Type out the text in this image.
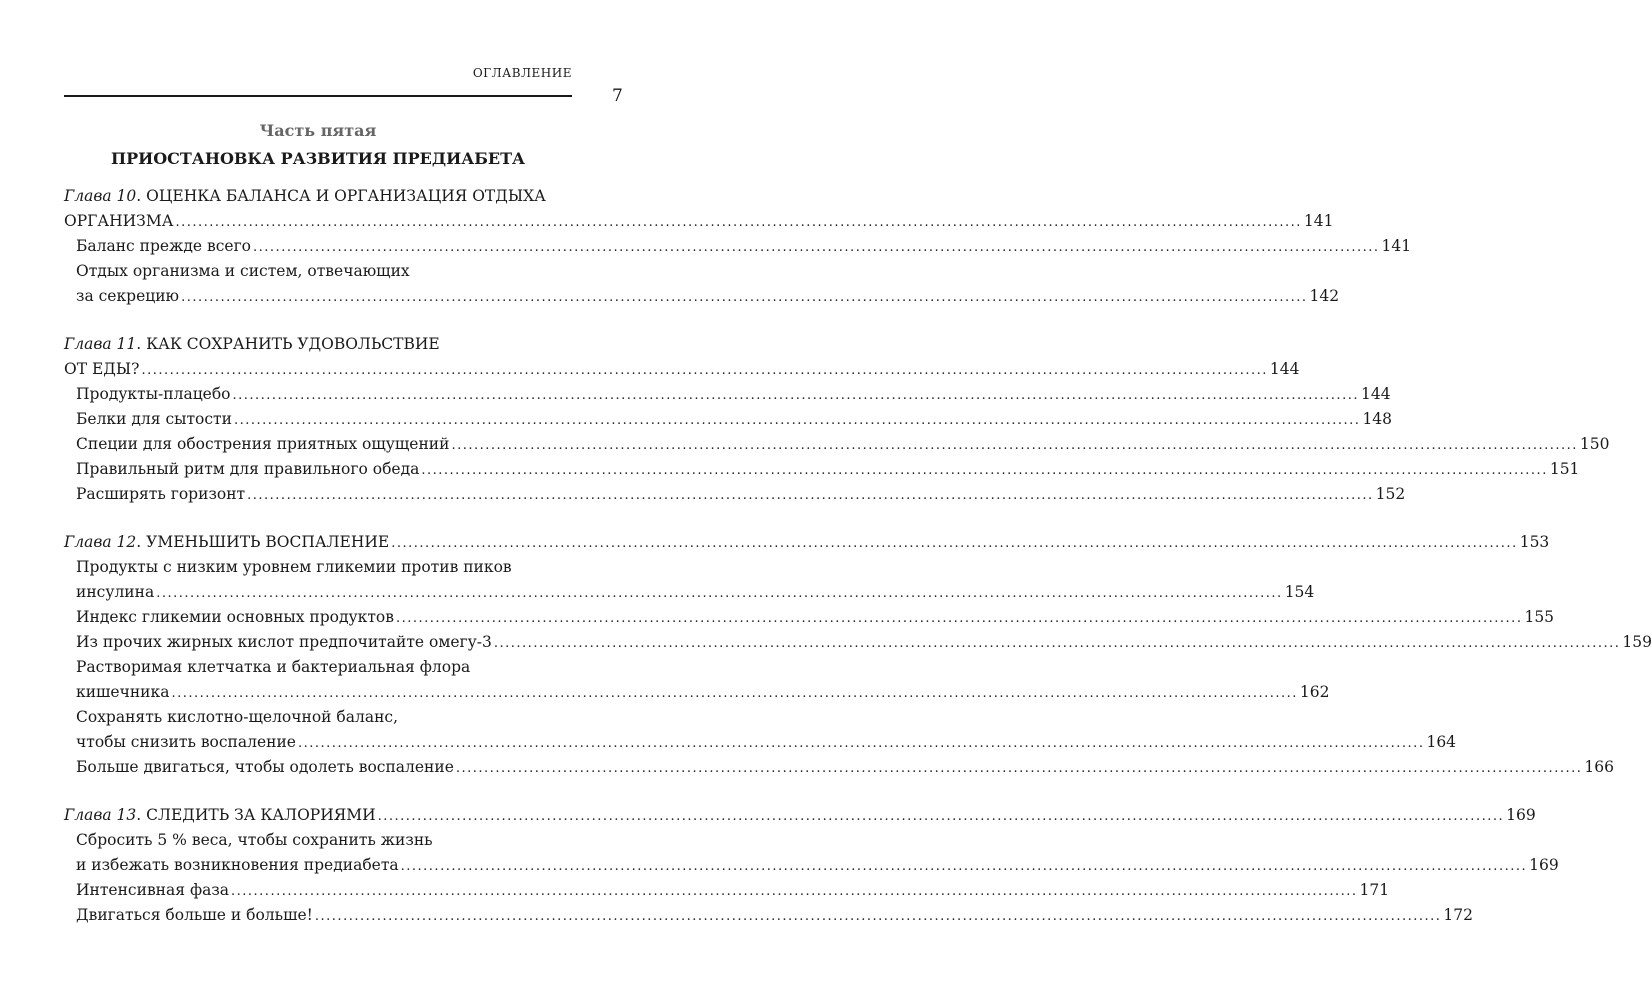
ОГЛАВЛЕНИЕ
7
Часть пятая
ПРИОСТАНОВКА РАЗВИТИЯ ПРЕДИАБЕТА
Глава 10. ОЦЕНКА БАЛАНСА И ОРГАНИЗАЦИЯ ОТДЫХА
ОРГАНИЗМА ........................................................................................................................................................................................................ 141
Баланс прежде всего ........................................................................................................................................................................................................ 141
Отдых организма и систем, отвечающих
за секрецию ........................................................................................................................................................................................................ 142
Глава 11. КАК СОХРАНИТЬ УДОВОЛЬСТВИЕ
ОТ ЕДЫ? ........................................................................................................................................................................................................ 144
Продукты-плацебо ........................................................................................................................................................................................................ 144
Белки для сытости ........................................................................................................................................................................................................ 148
Специи для обострения приятных ощущений ........................................................................................................................................................................................................ 150
Правильный ритм для правильного обеда ........................................................................................................................................................................................................ 151
Расширять горизонт ........................................................................................................................................................................................................ 152
Глава 12. УМЕНЬШИТЬ ВОСПАЛЕНИЕ ........................................................................................................................................................................................................ 153
Продукты с низким уровнем гликемии против пиков
инсулина ........................................................................................................................................................................................................ 154
Индекс гликемии основных продуктов ........................................................................................................................................................................................................ 155
Из прочих жирных кислот предпочитайте омегу-3 ........................................................................................................................................................................................................ 159
Растворимая клетчатка и бактериальная флора
кишечника ........................................................................................................................................................................................................ 162
Сохранять кислотно-щелочной баланс,
чтобы снизить воспаление ........................................................................................................................................................................................................ 164
Больше двигаться, чтобы одолеть воспаление ........................................................................................................................................................................................................ 166
Глава 13. СЛЕДИТЬ ЗА КАЛОРИЯМИ ........................................................................................................................................................................................................ 169
Сбросить 5 % веса, чтобы сохранить жизнь
и избежать возникновения предиабета ........................................................................................................................................................................................................ 169
Интенсивная фаза ........................................................................................................................................................................................................ 171
Двигаться больше и больше! ........................................................................................................................................................................................................ 172
